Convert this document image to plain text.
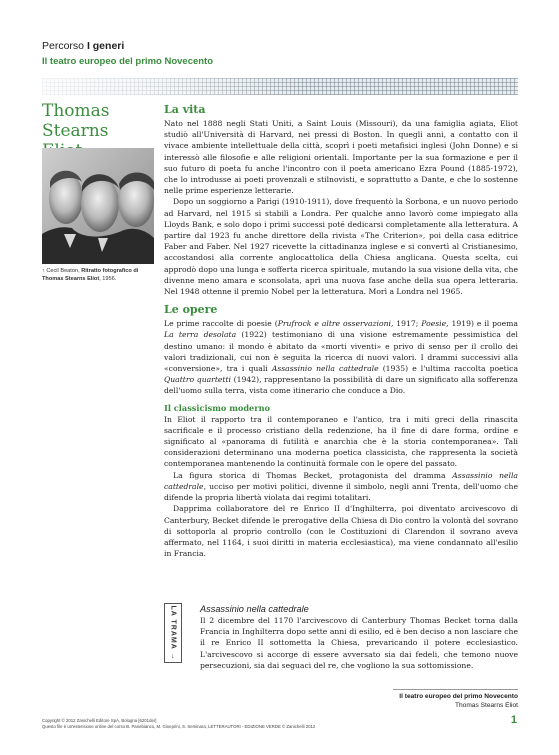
Percorso I generi
Il teatro europeo del primo Novecento
Thomas
Stearns
↑ Cecil Beaton, Ritratto fotografico di Thomas Stearns Eliot, 1956.
La vita

Nato nel 1888 negli Stati Uniti, a Saint Louis (Missouri), da una famiglia agiata, Eliot studiò all'Università di Harvard, nei pressi di Boston. In quegli anni, a contatto con il vivace ambiente intellettuale della città, scoprì i poeti metafisici inglesi (John Donne) e si interessò alle filosofie e alle religioni orientali. Importante per la sua formazione e per il suo futuro di poeta fu anche l'incontro con il poeta americano Ezra Pound (1885-1972), che lo introdusse ai poeti provenzali e stilnovisti, e soprattutto a Dante, e che lo sostenne nelle prime esperienze letterarie.

Dopo un soggiorno a Parigi (1910-1911), dove frequentò la Sorbona, e un nuovo periodo ad Harvard, nel 1915 si stabilì a Londra. Per qualche anno lavorò come impiegato alla Lloyds Bank, e solo dopo i primi successi poté dedicarsi completamente alla letteratura. A partire dal 1923 fu anche direttore della rivista «The Criterion», poi della casa editrice Faber and Faber. Nel 1927 ricevette la cittadinanza inglese e si convertì al Cristianesimo, accostandosi alla corrente anglocattolica della Chiesa anglicana. Questa scelta, cui approdò dopo una lunga e sofferta ricerca spirituale, mutando la sua visione della vita, che divenne meno amara e sconsolata, aprì una nuova fase anche della sua opera letteraria. Nel 1948 ottenne il premio Nobel per la letteratura. Morì a Londra nel 1965.

Le opere

Le prime raccolte di poesie (Prufrock e altre osservazioni, 1917; Poesie, 1919) e il poema La terra desolata (1922) testimoniano di una visione estremamente pessimistica del destino umano: il mondo è abitato da «morti viventi» e privo di senso per il crollo dei valori tradizionali, cui non è seguita la ricerca di nuovi valori. I drammi successivi alla «conversione», tra i quali Assassinio nella cattedrale (1935) e l'ultima raccolta poetica Quattro quartetti (1942), rappresentano la possibilità di dare un significato alla sofferenza dell'uomo sulla terra, vista come itinerario che conduce a Dio.

Il classicismo moderno

In Eliot il rapporto tra il contemporaneo e l'antico, tra i miti greci della rinascita sacrificale e il processo cristiano della redenzione, ha il fine di dare forma, ordine e significato al «panorama di futilità e anarchia che è la storia contemporanea». Tali considerazioni determinano una moderna poetica classicista, che rappresenta la società contemporanea mantenendo la continuità formale con le opere del passato.

La figura storica di Thomas Becket, protagonista del dramma Assassinio nella cattedrale, ucciso per motivi politici, divenne il simbolo, negli anni Trenta, dell'uomo che difende la propria libertà violata dai regimi totalitari.

Dapprima collaboratore del re Enrico II d'Inghilterra, poi diventato arcivescovo di Canterbury, Becket difende le prerogative della Chiesa di Dio contro la volontà del sovrano di sottoporla al proprio controllo (con le Costituzioni di Clarendon il sovrano aveva affermato, nel 1164, i suoi diritti in materia ecclesiastica), ma viene condannato all'esilio in Francia.

LA TRAMA →	Assassinio nella cattedrale

Il 2 dicembre del 1170 l'arcivescovo di Canterbury Thomas Becket torna dalla Francia in Inghilterra dopo sette anni di esilio, ed è ben deciso a non lasciare che il re Enrico II sottometta la Chiesa, prevaricando il potere ecclesiastico. L'arcivescovo si accorge di essere avversato sia dai fedeli, che temono nuove persecuzioni, sia dai seguaci del re, che vogliono la sua sottomissione.

Il teatro europeo del primo Novecento
Thomas Stearns Eliot
1
Copyright © 2012 Zanichelli Editore SpA, Bologna [6201der]
Questo file è un'estensione online del corso B. Panebianco, M. Gineprini, S. Seminara, LETTERAUTORI - EDIZIONE VERDE © Zanichelli 2012
